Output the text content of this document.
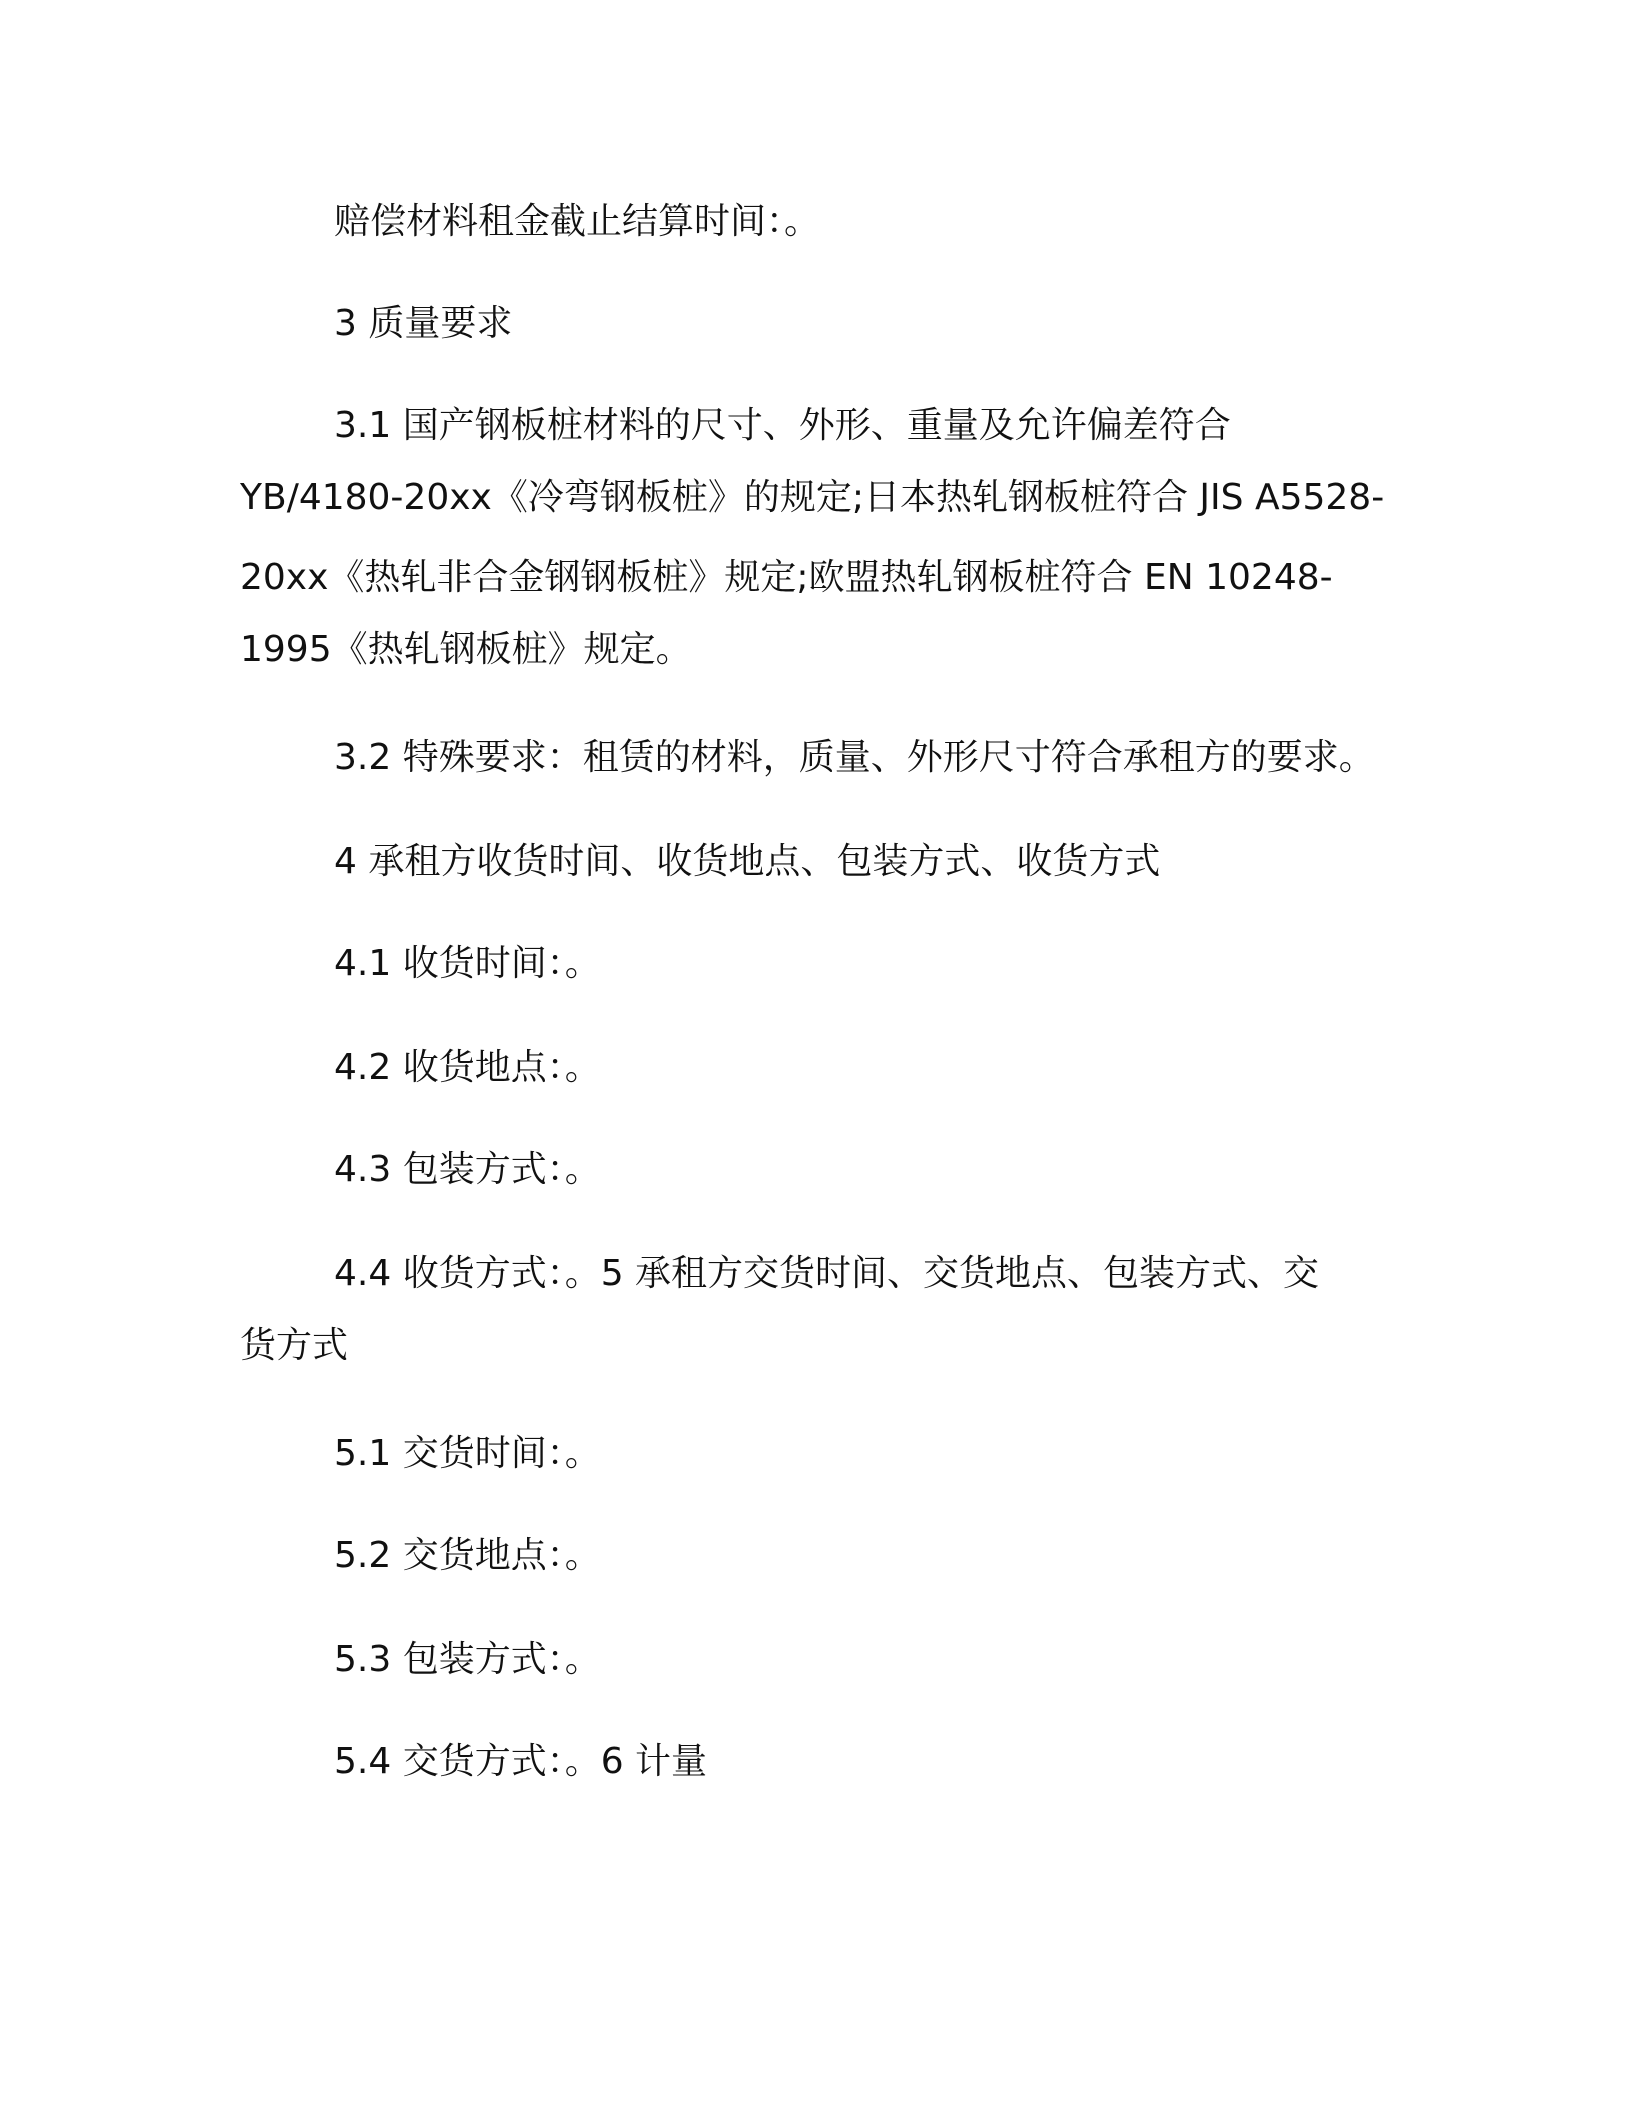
赔偿材料租金截止结算时间：。

3 质量要求

3.1 国产钢板桩材料的尺寸、外形、重量及允许偏差符合
YB/4180-20xx《冷弯钢板桩》的规定;日本热轧钢板桩符合 JIS A5528-
20xx《热轧非合金钢钢板桩》规定;欧盟热轧钢板桩符合 EN 10248-
1995《热轧钢板桩》规定。

3.2 特殊要求：租赁的材料，质量、外形尺寸符合承租方的要求。

4 承租方收货时间、收货地点、包装方式、收货方式

4.1 收货时间：。

4.2 收货地点：。

4.3 包装方式：。

4.4 收货方式：。5 承租方交货时间、交货地点、包装方式、交
货方式

5.1 交货时间：。

5.2 交货地点：。

5.3 包装方式：。

5.4 交货方式：。6 计量
